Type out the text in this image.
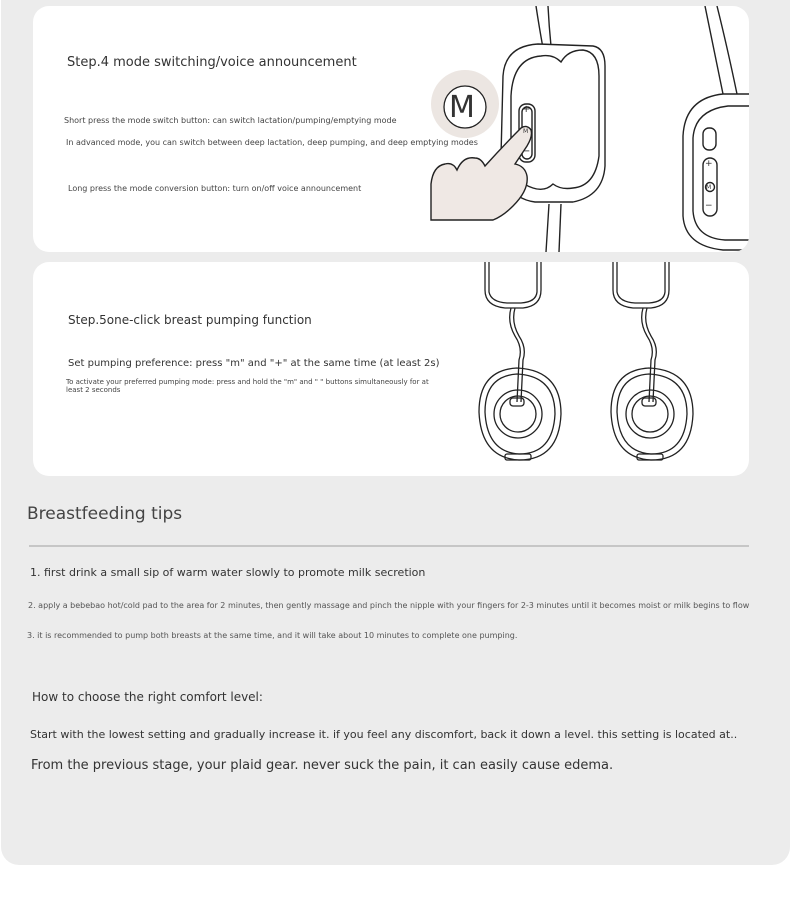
Step.4 mode switching/voice announcement
Short press the mode switch button: can switch lactation/pumping/emptying mode
In advanced mode, you can switch between deep lactation, deep pumping, and deep emptying modes
Long press the mode conversion button: turn on/off voice announcement
M	+
M
−
+
M
−
Step.5one-click breast pumping function
Set pumping preference: press "m" and "+" at the same time (at least 2s)
To activate your preferred pumping mode: press and hold the "m" and " " buttons simultaneously for at least 2 seconds
Breastfeeding tips
1. first drink a small sip of warm water slowly to promote milk secretion
2. apply a bebebao hot/cold pad to the area for 2 minutes, then gently massage and pinch the nipple with your fingers for 2-3 minutes until it becomes moist or milk begins to flow
3. it is recommended to pump both breasts at the same time, and it will take about 10 minutes to complete one pumping.
How to choose the right comfort level:
Start with the lowest setting and gradually increase it. if you feel any discomfort, back it down a level. this setting is located at..
From the previous stage, your plaid gear. never suck the pain, it can easily cause edema.
